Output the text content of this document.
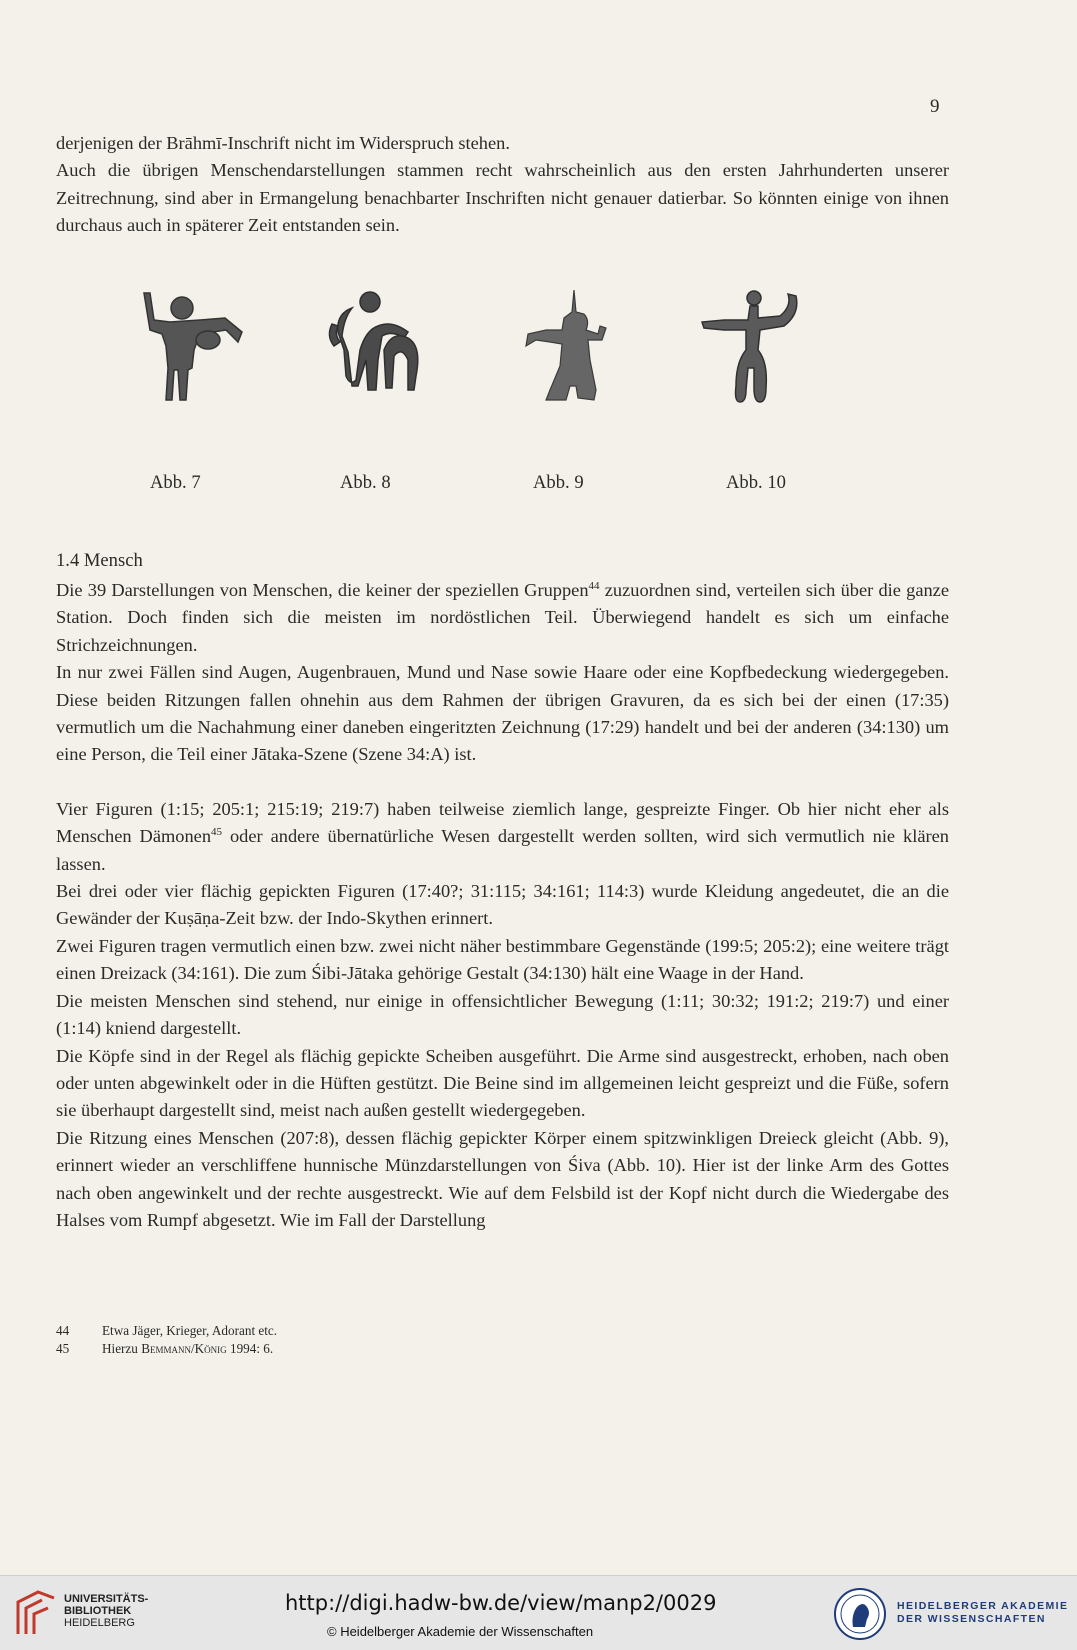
9

derjenigen der Brāhmī-Inschrift nicht im Widerspruch stehen.

Auch die übrigen Menschendarstellungen stammen recht wahrscheinlich aus den ersten Jahrhunderten unserer Zeitrechnung, sind aber in Ermangelung benachbarter Inschriften nicht genauer datierbar. So könnten einige von ihnen durchaus auch in späterer Zeit entstanden sein.

Abb. 7	Abb. 8	Abb. 9	Abb. 10
1.4 Mensch

Die 39 Darstellungen von Menschen, die keiner der speziellen Gruppen$^{44}$ zuzuordnen sind, verteilen sich über die ganze Station. Doch finden sich die meisten im nordöstlichen Teil. Überwiegend handelt es sich um einfache Strichzeichnungen.

In nur zwei Fällen sind Augen, Augenbrauen, Mund und Nase sowie Haare oder eine Kopfbedeckung wiedergegeben. Diese beiden Ritzungen fallen ohnehin aus dem Rahmen der übrigen Gravuren, da es sich bei der einen (17:35) vermutlich um die Nachahmung einer daneben eingeritzten Zeichnung (17:29) handelt und bei der anderen (34:130) um eine Person, die Teil einer Jātaka-Szene (Szene 34:A) ist.

Vier Figuren (1:15; 205:1; 215:19; 219:7) haben teilweise ziemlich lange, gespreizte Finger. Ob hier nicht eher als Menschen Dämonen$^{45}$ oder andere übernatürliche Wesen dargestellt werden sollten, wird sich vermutlich nie klären lassen.

Bei drei oder vier flächig gepickten Figuren (17:40?; 31:115; 34:161; 114:3) wurde Kleidung angedeutet, die an die Gewänder der Kuṣāṇa-Zeit bzw. der Indo-Skythen erinnert.

Zwei Figuren tragen vermutlich einen bzw. zwei nicht näher bestimmbare Gegenstände (199:5; 205:2); eine weitere trägt einen Dreizack (34:161). Die zum Śibi-Jātaka gehörige Gestalt (34:130) hält eine Waage in der Hand.

Die meisten Menschen sind stehend, nur einige in offensichtlicher Bewegung (1:11; 30:32; 191:2; 219:7) und einer (1:14) kniend dargestellt.

Die Köpfe sind in der Regel als flächig gepickte Scheiben ausgeführt. Die Arme sind ausgestreckt, erhoben, nach oben oder unten abgewinkelt oder in die Hüften gestützt. Die Beine sind im allgemeinen leicht gespreizt und die Füße, sofern sie überhaupt dargestellt sind, meist nach außen gestellt wiedergegeben.

Die Ritzung eines Menschen (207:8), dessen flächig gepickter Körper einem spitzwinkligen Dreieck gleicht (Abb. 9), erinnert wieder an verschliffene hunnische Münzdarstellungen von Śiva (Abb. 10). Hier ist der linke Arm des Gottes nach oben angewinkelt und der rechte ausgestreckt. Wie auf dem Felsbild ist der Kopf nicht durch die Wiedergabe des Halses vom Rumpf abgesetzt. Wie im Fall der Darstellung

44	Etwa Jäger, Krieger, Adorant etc.
45	Hierzu Bemmann/König 1994: 6.
UNIVERSITÄTS-
BIBLIOTHEK
HEIDELBERG
http://digi.hadw-bw.de/view/manp2/0029
© Heidelberger Akademie der Wissenschaften
HEIDELBERGER AKADEMIE
DER WISSENSCHAFTEN
